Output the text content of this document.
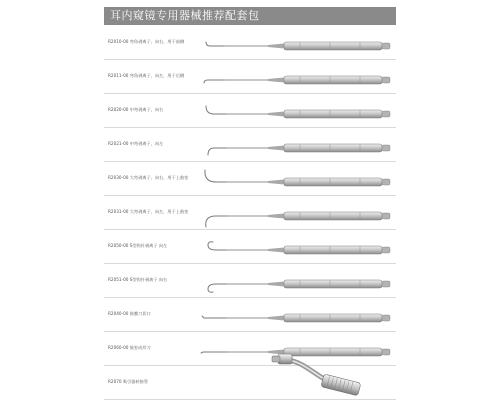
耳内窥镜专用器械推荐配套包
R2010-00 弯角剥离子，向右，用于前侧
R2011-00 弯角剥离子，向左，用于后侧
R2020-00 中弯剥离子，向右
R2021-00 中弯剥离子，向左
R2030-00 大弯剥离子，向右，用于上鼓室
R2031-00 大弯剥离子，向左，用于上鼓室
R2050-00 S型钩针剥离子 向左
R2051-00 S型钩针剥离子 向右
R2040-00 鼓膜刀切口
R2060-00 鼓室成形刀
R2070 吸引器转接管
